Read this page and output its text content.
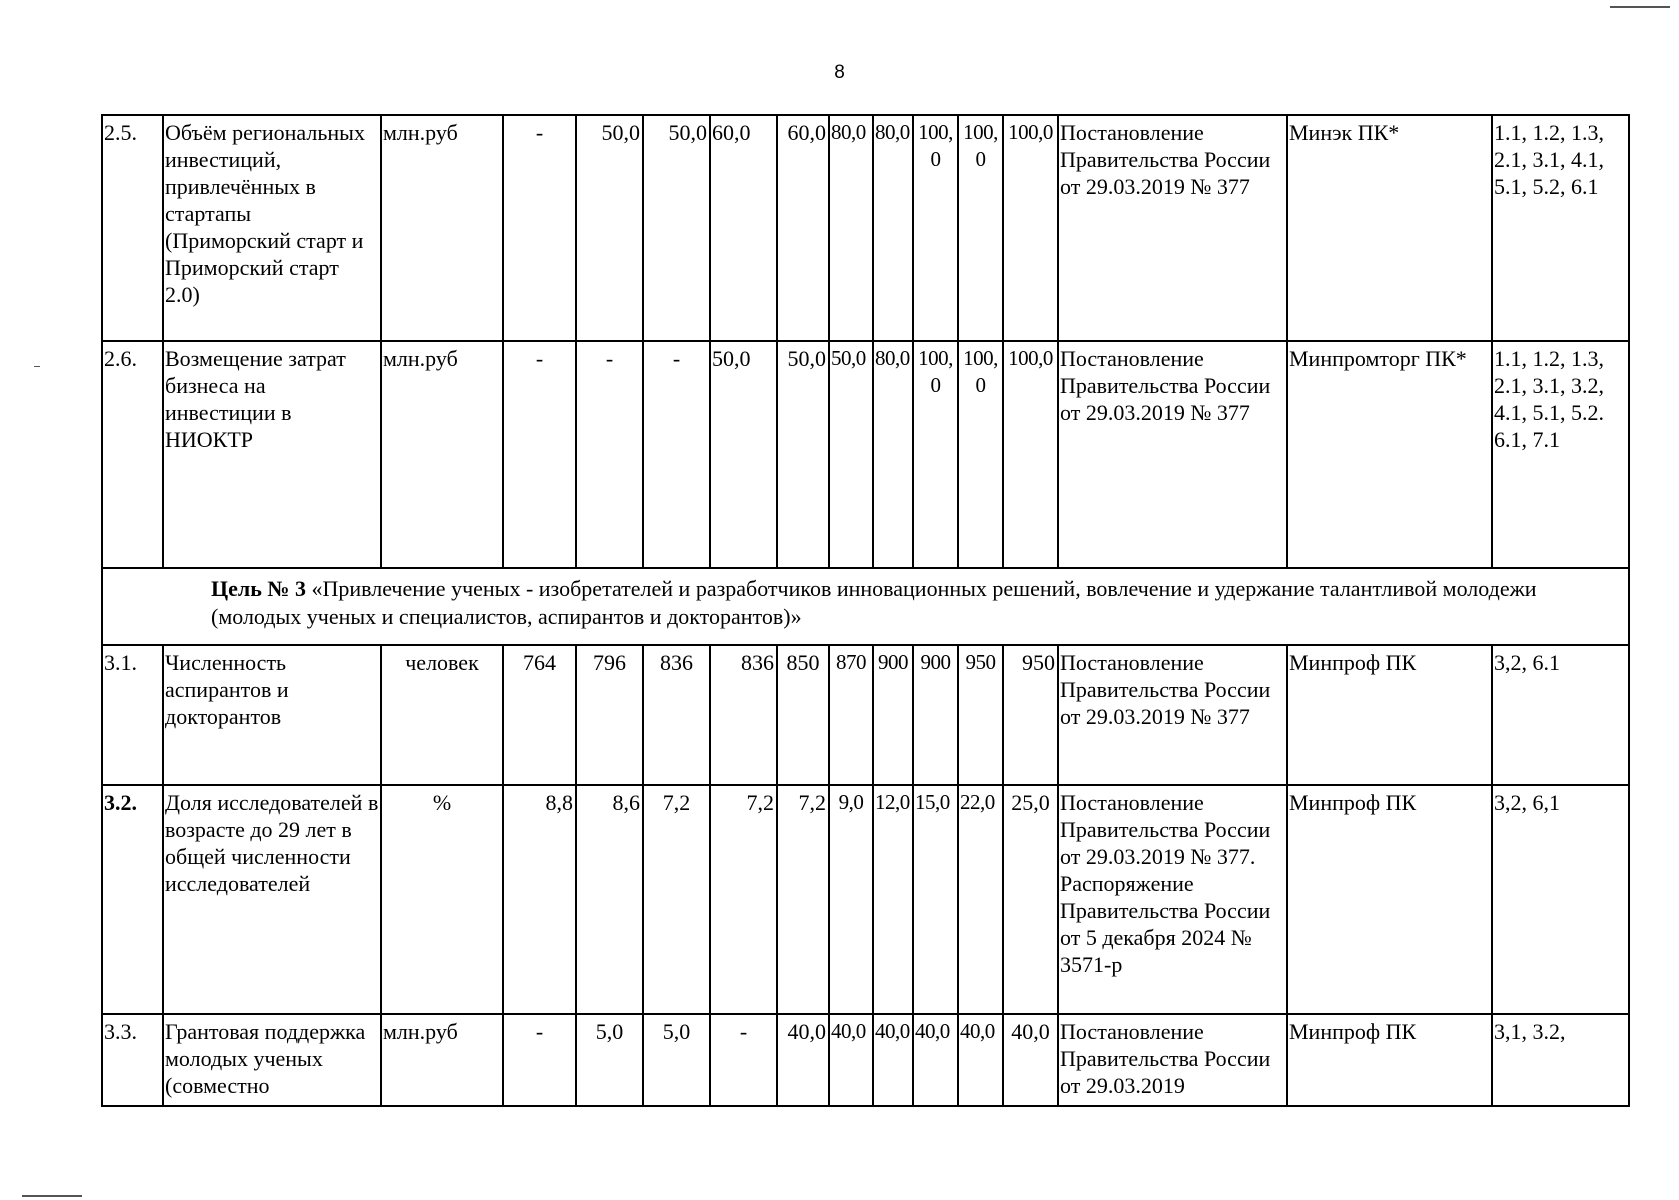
8
2.5.	Объём региональных инвестиций, привлечённых в стартапы (Приморский старт и Приморский старт 2.0)	млн.руб	-	50,0	50,0	60,0	60,0	80,0	80,0	100,0	100,0	100,0	Постановление Правительства России от 29.03.2019 № 377	Минэк ПК*	1.1, 1.2, 1.3, 2.1, 3.1, 4.1, 5.1, 5.2, 6.1
2.6.	Возмещение затрат бизнеса на инвестиции в НИОКТР	млн.руб	-	-	-	50,0	50,0	50,0	80,0	100,0	100,0	100,0	Постановление Правительства России от 29.03.2019 № 377	Минпромторг ПК*	1.1, 1.2, 1.3, 2.1, 3.1, 3.2, 4.1, 5.1, 5.2. 6.1, 7.1
Цель № 3 «Привлечение ученых - изобретателей и разработчиков инновационных решений, вовлечение и удержание талантливой молодежи (молодых ученых и специалистов, аспирантов и докторантов)»															
3.1.	Численность аспирантов и докторантов	человек	764	796	836	836	850	870	900	900	950	950	Постановление Правительства России от 29.03.2019 № 377	Минпроф ПК	3,2, 6.1
3.2.	Доля исследователей в возрасте до 29 лет в общей численности исследователей	%	8,8	8,6	7,2	7,2	7,2	9,0	12,0	15,0	22,0	25,0	Постановление Правительства России от 29.03.2019 № 377. Распоряжение Правительства России от 5 декабря 2024 № 3571-р	Минпроф ПК	3,2, 6,1
3.3.	Грантовая поддержка молодых ученых (совместно	млн.руб	-	5,0	5,0	-	40,0	40,0	40,0	40,0	40,0	40,0	Постановление Правительства России от 29.03.2019	Минпроф ПК	3,1, 3.2,
